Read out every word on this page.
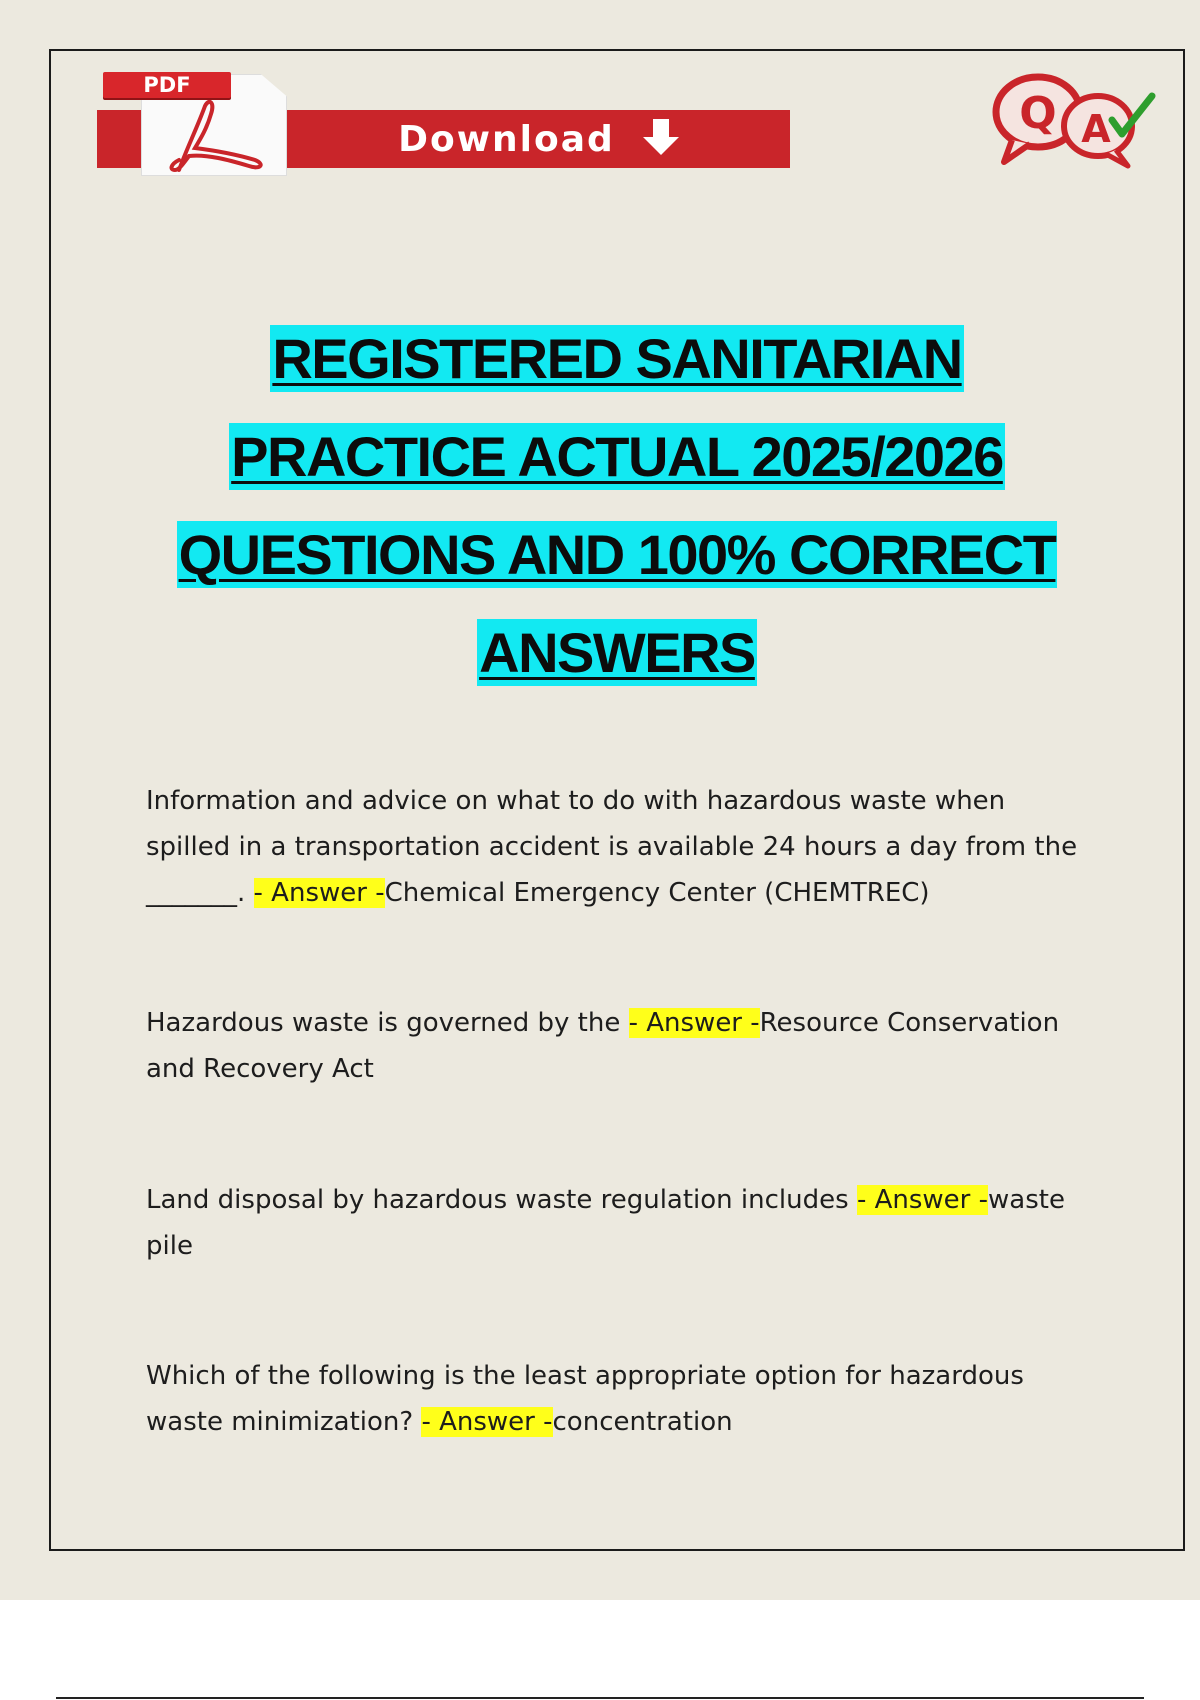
PDF
Download	Q A
REGISTERED SANITARIAN
PRACTICE ACTUAL 2025/2026
QUESTIONS AND 100% CORRECT
ANSWERS

Information and advice on what to do with hazardous waste when spilled in a transportation accident is available 24 hours a day from the _______. - Answer -Chemical Emergency Center (CHEMTREC)

Hazardous waste is governed by the - Answer -Resource Conservation and Recovery Act

Land disposal by hazardous waste regulation includes - Answer -waste pile

Which of the following is the least appropriate option for hazardous waste minimization? - Answer -concentration
